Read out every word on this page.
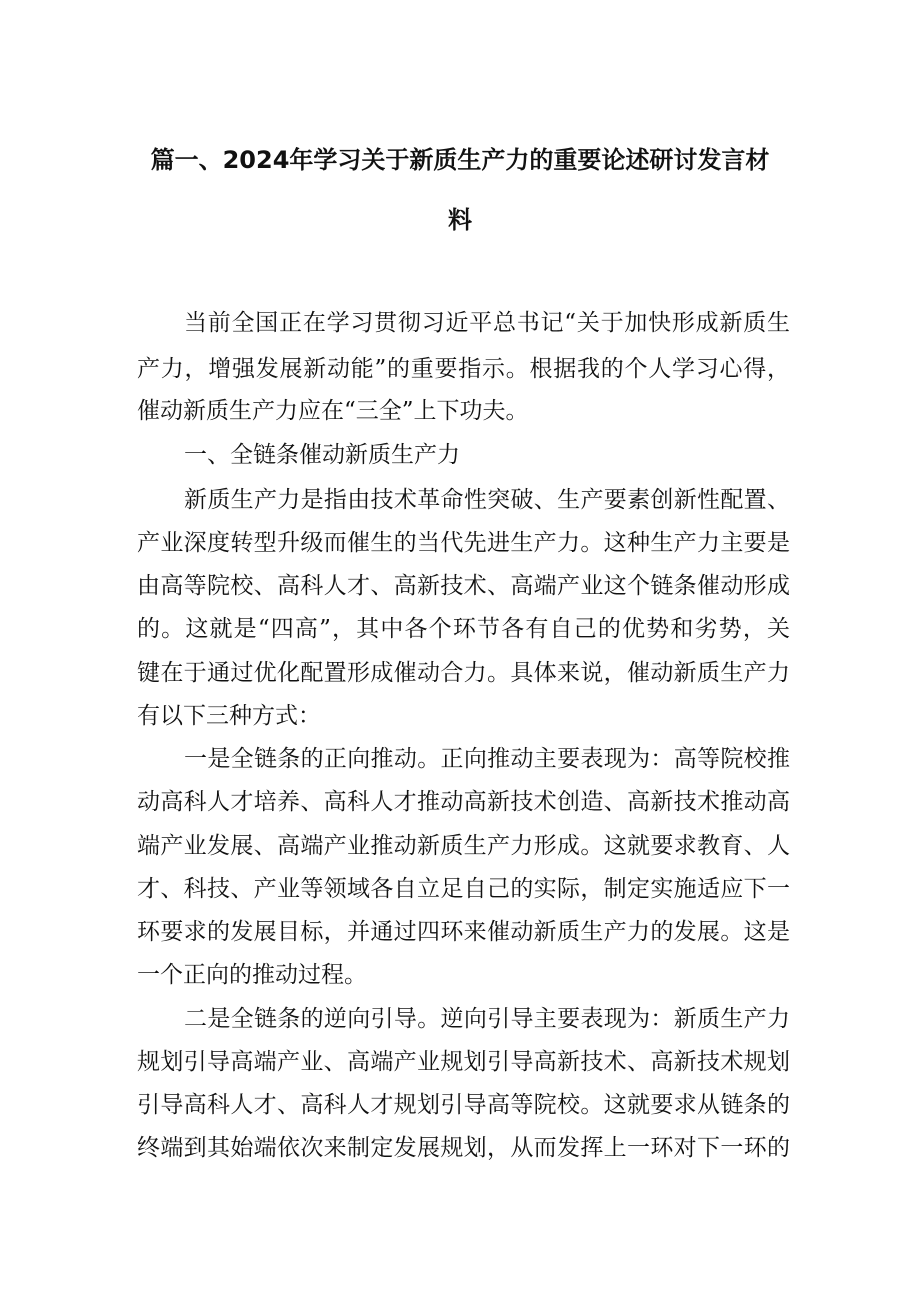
篇一、2024年学习关于新质生产力的重要论述研讨发言材
料
当前全国正在学习贯彻习近平总书记“关于加快形成新质生
产力，增强发展新动能”的重要指示。根据我的个人学习心得，
催动新质生产力应在“三全”上下功夫。
一、全链条催动新质生产力
新质生产力是指由技术革命性突破、生产要素创新性配置、
产业深度转型升级而催生的当代先进生产力。这种生产力主要是
由高等院校、高科人才、高新技术、高端产业这个链条催动形成
的。这就是“四高”，其中各个环节各有自己的优势和劣势，关
键在于通过优化配置形成催动合力。具体来说，催动新质生产力
有以下三种方式：
一是全链条的正向推动。正向推动主要表现为：高等院校推
动高科人才培养、高科人才推动高新技术创造、高新技术推动高
端产业发展、高端产业推动新质生产力形成。这就要求教育、人
才、科技、产业等领域各自立足自己的实际，制定实施适应下一
环要求的发展目标，并通过四环来催动新质生产力的发展。这是
一个正向的推动过程。
二是全链条的逆向引导。逆向引导主要表现为：新质生产力
规划引导高端产业、高端产业规划引导高新技术、高新技术规划
引导高科人才、高科人才规划引导高等院校。这就要求从链条的
终端到其始端依次来制定发展规划，从而发挥上一环对下一环的
